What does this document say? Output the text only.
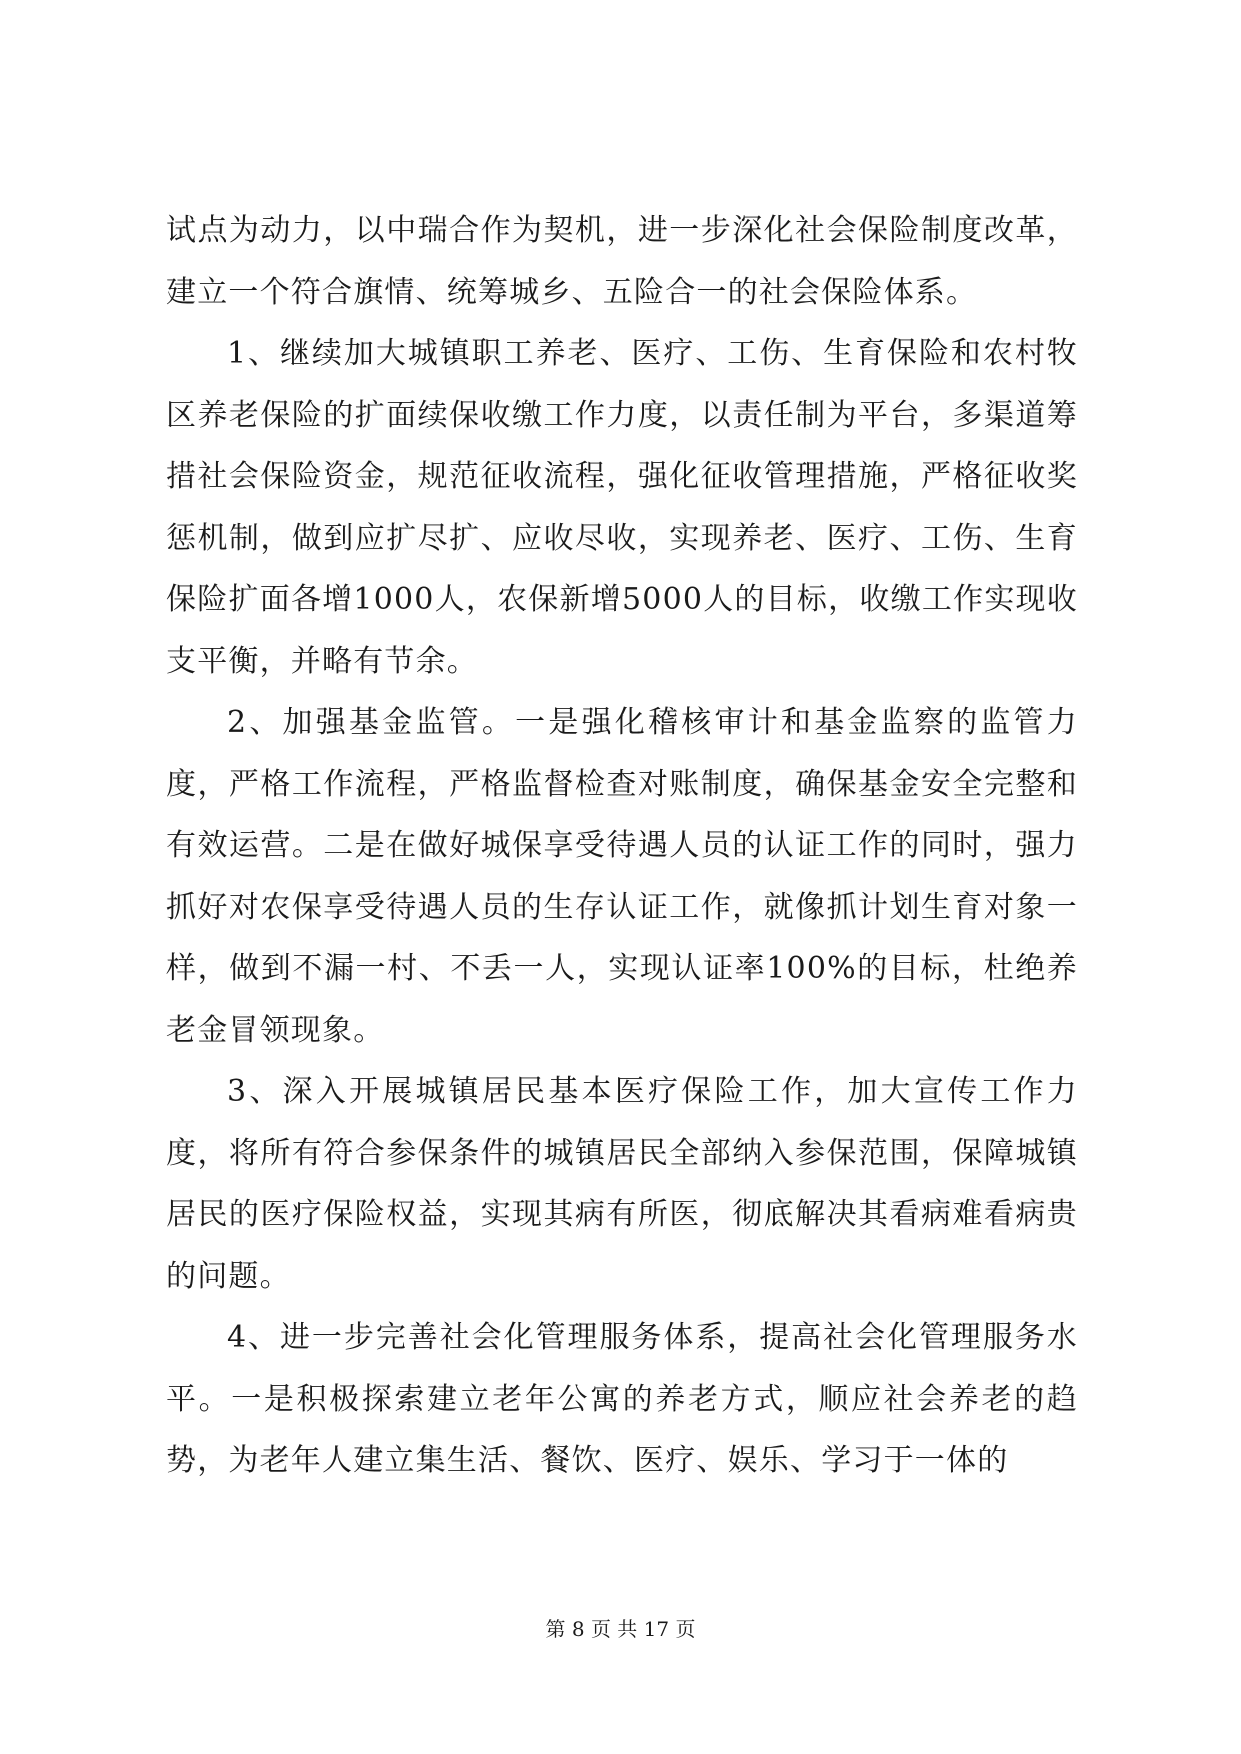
试点为动力，以中瑞合作为契机，进一步深化社会保险制度改革，建立一个符合旗情、统筹城乡、五险合一的社会保险体系。

1、继续加大城镇职工养老、医疗、工伤、生育保险和农村牧区养老保险的扩面续保收缴工作力度，以责任制为平台，多渠道筹措社会保险资金，规范征收流程，强化征收管理措施，严格征收奖惩机制，做到应扩尽扩、应收尽收，实现养老、医疗、工伤、生育保险扩面各增1000人，农保新增5000人的目标，收缴工作实现收支平衡，并略有节余。

2、加强基金监管。一是强化稽核审计和基金监察的监管力度，严格工作流程，严格监督检查对账制度，确保基金安全完整和有效运营。二是在做好城保享受待遇人员的认证工作的同时，强力抓好对农保享受待遇人员的生存认证工作，就像抓计划生育对象一样，做到不漏一村、不丢一人，实现认证率100%的目标，杜绝养老金冒领现象。

3、深入开展城镇居民基本医疗保险工作，加大宣传工作力度，将所有符合参保条件的城镇居民全部纳入参保范围，保障城镇居民的医疗保险权益，实现其病有所医，彻底解决其看病难看病贵的问题。

4、进一步完善社会化管理服务体系，提高社会化管理服务水平。一是积极探索建立老年公寓的养老方式，顺应社会养老的趋势，为老年人建立集生活、餐饮、医疗、娱乐、学习于一体的

第 8 页 共 17 页
